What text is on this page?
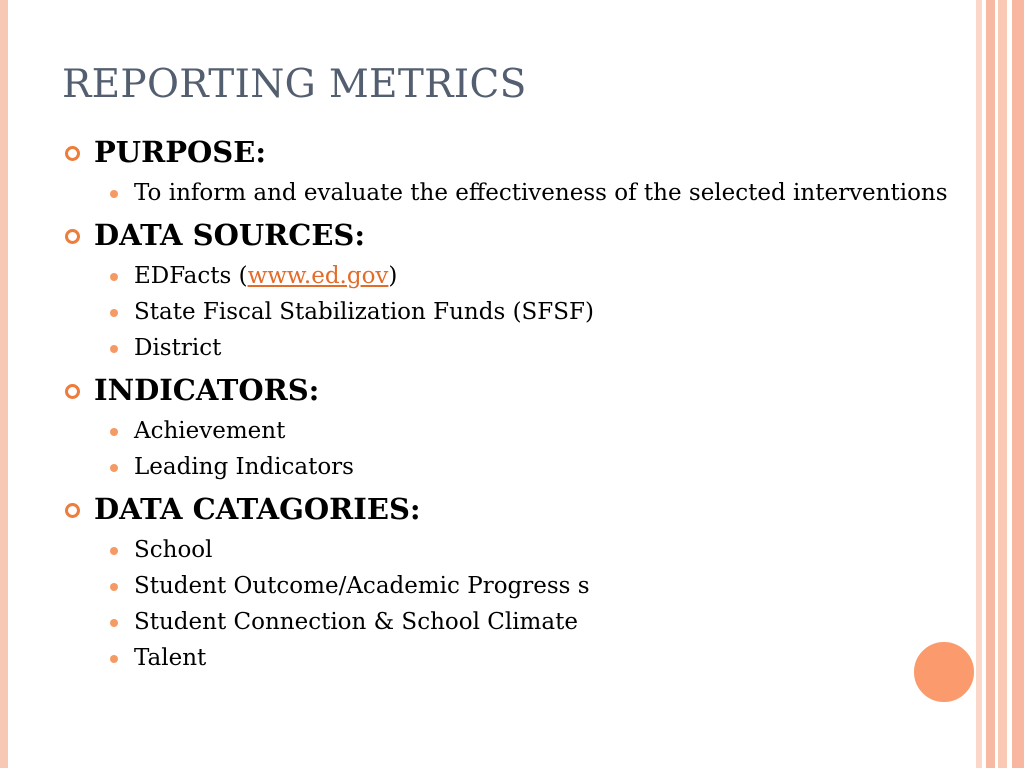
REPORTING METRICS
PURPOSE:
To inform and evaluate the effectiveness of the selected interventions
DATA SOURCES:
EDFacts (www.ed.gov)
State Fiscal Stabilization Funds (SFSF)
District
INDICATORS:
Achievement
Leading Indicators
DATA CATAGORIES:
School
Student Outcome/Academic Progress s
Student Connection & School Climate
Talent
